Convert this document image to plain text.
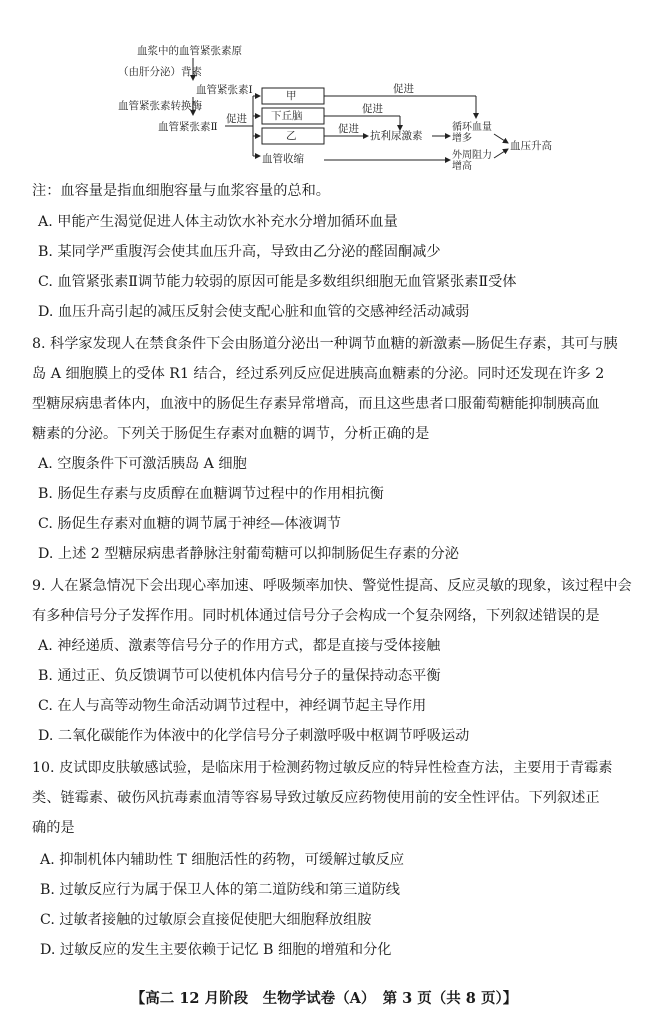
血浆中的血管紧张素原
（由肝分泌）背素
血管紧张素Ⅰ
血管紧张素转换酶
血管紧张素Ⅱ
促进
甲
下丘脑
乙
血管收缩
促进
促进
促进
抗利尿激素
循环血量增多
外周阻力增高
血压升高
注：血容量是指血细胞容量与血浆容量的总和。
A. 甲能产生渴觉促进人体主动饮水补充水分增加循环血量
B. 某同学严重腹泻会使其血压升高，导致由乙分泌的醛固酮减少
C. 血管紧张素Ⅱ调节能力较弱的原因可能是多数组织细胞无血管紧张素Ⅱ受体
D. 血压升高引起的减压反射会使支配心脏和血管的交感神经活动减弱
8. 科学家发现人在禁食条件下会由肠道分泌出一种调节血糖的新激素—肠促生存素，其可与胰
岛 A 细胞膜上的受体 R1 结合，经过系列反应促进胰高血糖素的分泌。同时还发现在许多 2
型糖尿病患者体内，血液中的肠促生存素异常增高，而且这些患者口服葡萄糖能抑制胰高血
糖素的分泌。下列关于肠促生存素对血糖的调节，分析正确的是
A. 空腹条件下可激活胰岛 A 细胞
B. 肠促生存素与皮质醇在血糖调节过程中的作用相抗衡
C. 肠促生存素对血糖的调节属于神经—体液调节
D. 上述 2 型糖尿病患者静脉注射葡萄糖可以抑制肠促生存素的分泌
9. 人在紧急情况下会出现心率加速、呼吸频率加快、警觉性提高、反应灵敏的现象，该过程中会
有多种信号分子发挥作用。同时机体通过信号分子会构成一个复杂网络，下列叙述错误的是
A. 神经递质、激素等信号分子的作用方式，都是直接与受体接触
B. 通过正、负反馈调节可以使机体内信号分子的量保持动态平衡
C. 在人与高等动物生命活动调节过程中，神经调节起主导作用
D. 二氧化碳能作为体液中的化学信号分子刺激呼吸中枢调节呼吸运动
10. 皮试即皮肤敏感试验，是临床用于检测药物过敏反应的特异性检查方法，主要用于青霉素
类、链霉素、破伤风抗毒素血清等容易导致过敏反应药物使用前的安全性评估。下列叙述正
确的是
A. 抑制机体内辅助性 T 细胞活性的药物，可缓解过敏反应
B. 过敏反应行为属于保卫人体的第二道防线和第三道防线
C. 过敏者接触的过敏原会直接促使肥大细胞释放组胺
D. 过敏反应的发生主要依赖于记忆 B 细胞的增殖和分化
【高二 12 月阶段　生物学试卷（A）　第 3 页（共 8 页）】
